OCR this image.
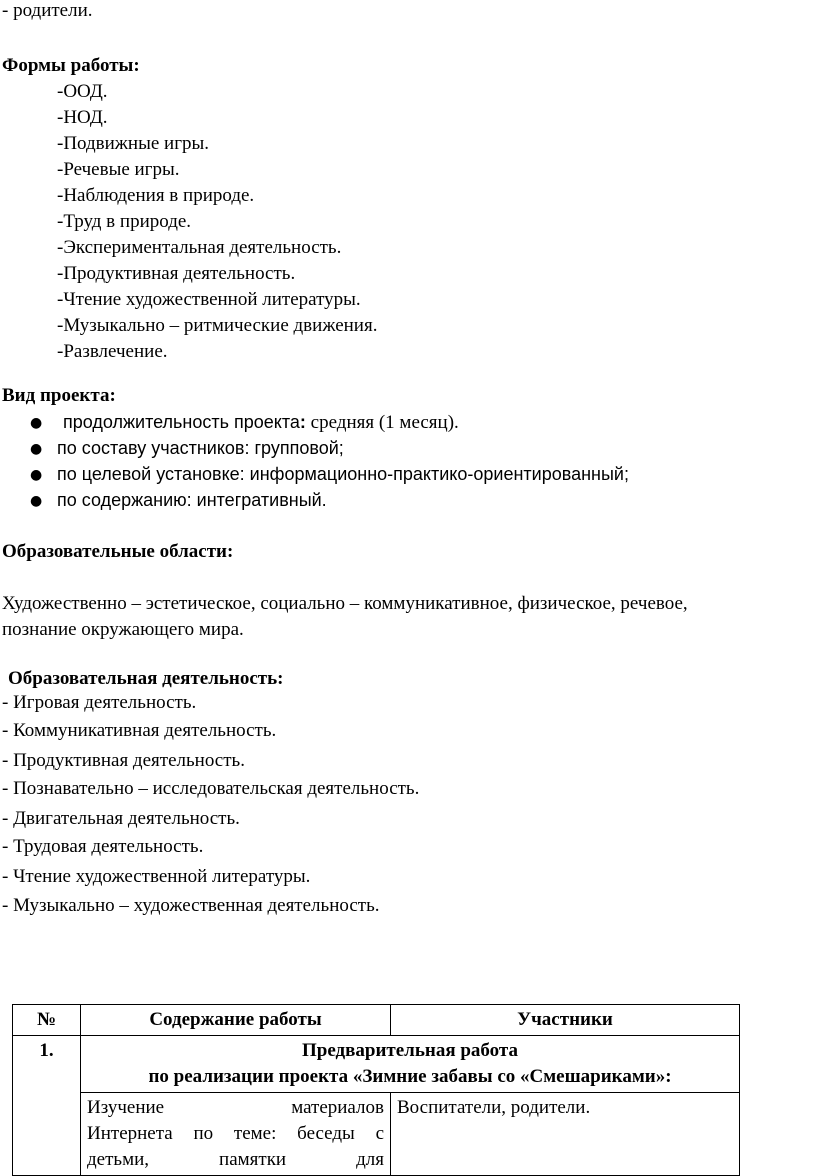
- родители.
Формы работы:
-ООД.
-НОД.
-Подвижные игры.
-Речевые игры.
-Наблюдения в природе.
-Труд в природе.
-Экспериментальная деятельность.
-Продуктивная деятельность.
-Чтение художественной литературы.
-Музыкально – ритмические движения.
-Развлечение.
Вид проекта:
● продолжительность проекта: средняя (1 месяц).
● по составу участников: групповой;
● по целевой установке: информационно-практико-ориентированный;
● по содержанию: интегративный.
Образовательные области:
Художественно – эстетическое, социально – коммуникативное, физическое, речевое,
познание окружающего мира.
Образовательная деятельность:
- Игровая деятельность.
- Коммуникативная деятельность.
- Продуктивная деятельность.
- Познавательно – исследовательская деятельность.
- Двигательная деятельность.
- Трудовая деятельность.
- Чтение художественной литературы.
- Музыкально – художественная деятельность.
№	Содержание работы	Участники
1.	Предварительная работа
по реализации проекта «Зимние забавы со «Смешариками»:	

	Изучение материалов
Интернета по теме: беседы с
детьми, памятки для	Воспитатели, родители.
